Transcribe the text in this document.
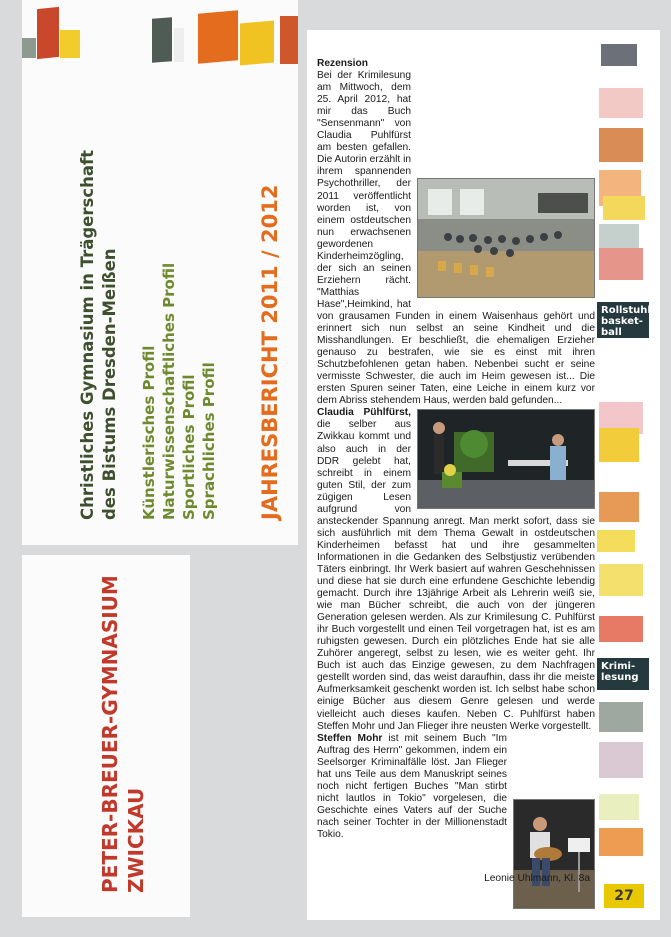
Christliches Gymnasium in Trägerschaft des Bistums Dresden-Meißen Künstlerisches Profil Naturwissenschaftliches Profil Sportliches Profil Sprachliches Profil JAHRESBERICHT 2011 / 2012
PETER-BREUER-GYMNASIUM ZWICKAU
Rollstuhl-basket-ball
Krimi-lesung
Rezension

Bei der Krimilesung am Mittwoch, dem 25. April 2012, hat mir das Buch "Sensenmann" von Claudia Puhlfürst am besten gefallen. Die Autorin erzählt in ihrem spannenden Psychothriller, der 2011 veröffentlicht worden ist, von einem ostdeutschen nun erwachsenen gewordenen Kinderheimzögling, der sich an seinen Erziehern rächt. "Matthias Hase",Heimkind, hat von grausamen Funden in einem Waisenhaus gehört und erinnert sich nun selbst an seine Kindheit und die Misshandlungen. Er beschließt, die ehemaligen Erzieher genauso zu bestrafen, wie sie es einst mit ihren Schutzbefohlenen getan haben. Nebenbei sucht er seine vermisste Schwester, die auch im Heim gewesen ist... Die ersten Spuren seiner Taten, eine Leiche in einem kurz vor dem Abriss stehendem Haus, werden bald gefunden...

Claudia Pühlfürst, die selber aus Zwikkau kommt und also auch in der DDR gelebt hat, schreibt in einem guten Stil, der zum zügigen Lesen aufgrund von ansteckender Spannung anregt. Man merkt sofort, dass sie sich ausführlich mit dem Thema Gewalt in ostdeutschen Kinderheimen befasst hat und ihre gesammelten Informationen in die Gedanken des Selbstjustiz verübenden Täters einbringt. Ihr Werk basiert auf wahren Geschehnissen und diese hat sie durch eine erfundene Geschichte lebendig gemacht. Durch ihre 13jährige Arbeit als Lehrerin weiß sie, wie man Bücher schreibt, die auch von der jüngeren Generation gelesen werden. Als zur Krimilesung C. Puhlfürst ihr Buch vorgestellt und einen Teil vorgetragen hat, ist es am ruhigsten gewesen. Durch ein plötzliches Ende hat sie alle Zuhörer angeregt, selbst zu lesen, wie es weiter geht. Ihr Buch ist auch das Einzige gewesen, zu dem Nachfragen gestellt worden sind, das weist daraufhin, dass ihr die meiste Aufmerksamkeit geschenkt worden ist. Ich selbst habe schon einige Bücher aus diesem Genre gelesen und werde vielleicht auch dieses kaufen. Neben C. Puhlfürst haben Steffen Mohr und Jan Flieger ihre neusten Werke vorgestellt.

Steffen Mohr ist mit seinem Buch "Im Auftrag des Herrn" gekommen, indem ein Seelsorger Kriminalfälle löst. Jan Flieger hat uns Teile aus dem Manuskript seines noch nicht fertigen Buches "Man stirbt nicht lautlos in Tokio" vorgelesen, die Geschichte eines Vaters auf der Suche nach seiner Tochter in der Millionenstadt Tokio.

Leonie Uhlmann, Kl. 8a
27
